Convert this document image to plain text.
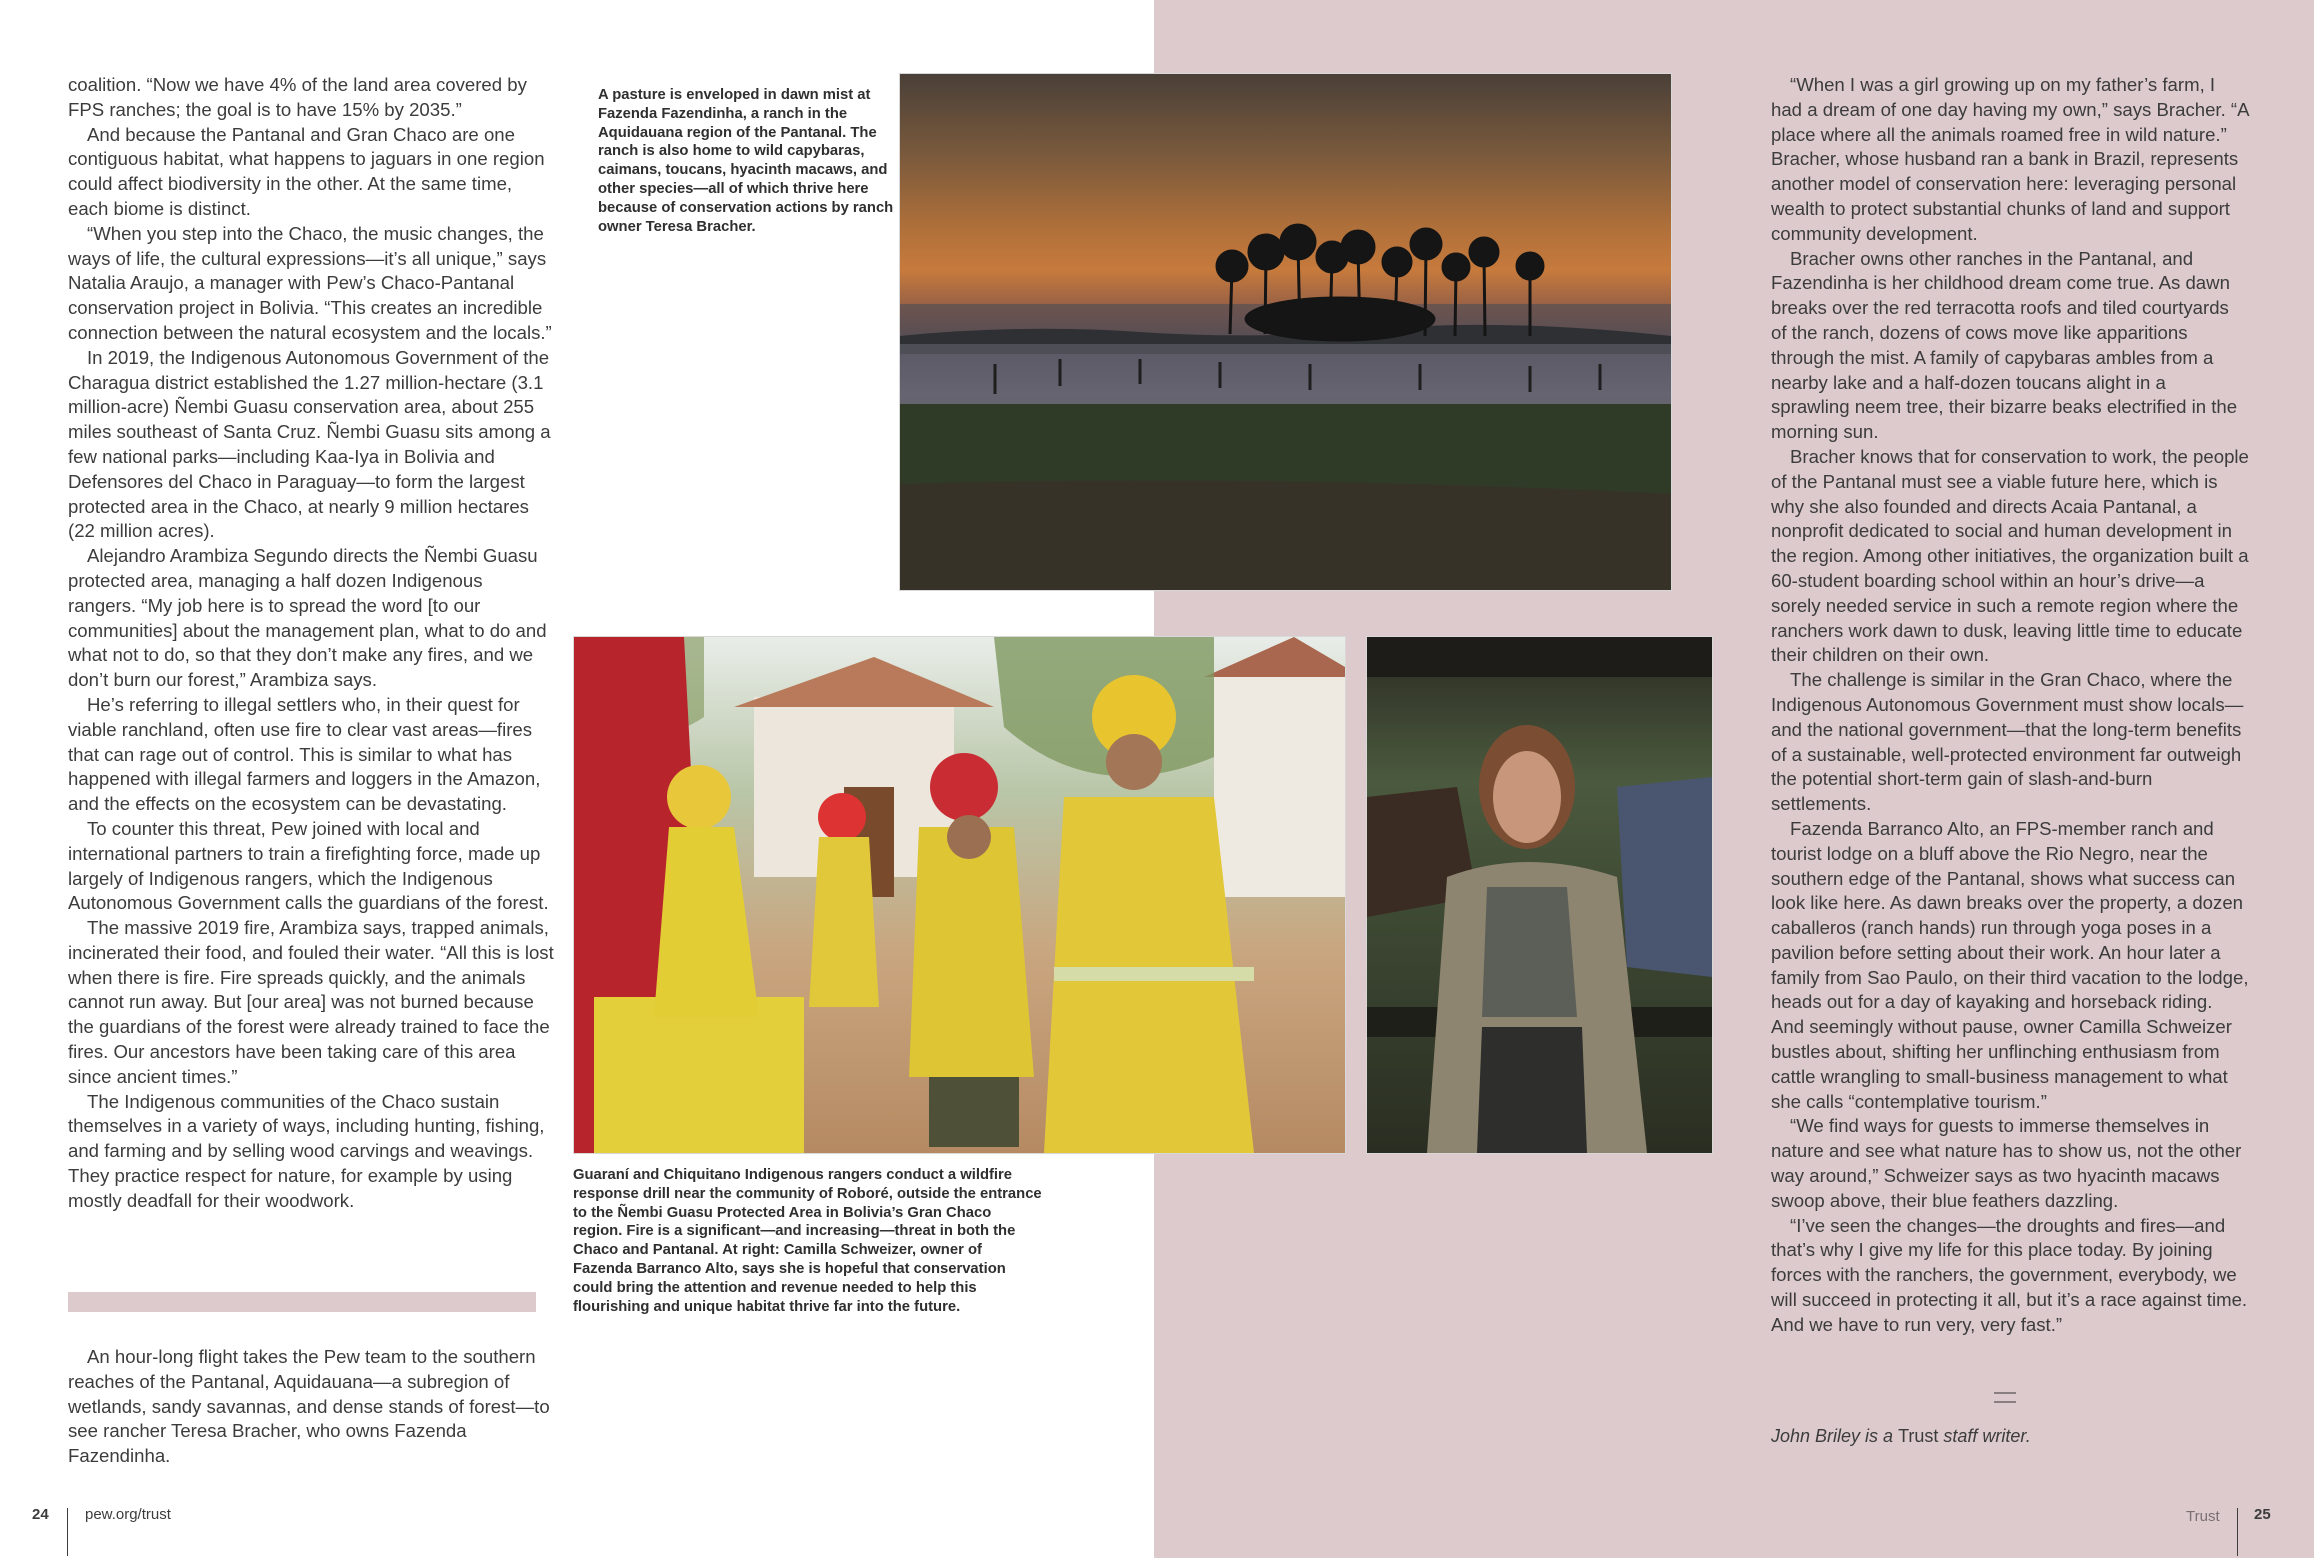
coalition. “Now we have 4% of the land area covered by FPS ranches; the goal is to have 15% by 2035.”

And because the Pantanal and Gran Chaco are one contiguous habitat, what happens to jaguars in one region could affect biodiversity in the other. At the same time, each biome is distinct.

“When you step into the Chaco, the music changes, the ways of life, the cultural expressions—it’s all unique,” says Natalia Araujo, a manager with Pew’s Chaco-Pantanal conservation project in Bolivia. “This creates an incredible connection between the natural ecosystem and the locals.”

In 2019, the Indigenous Autonomous Government of the Charagua district established the 1.27 million-hectare (3.1 million-acre) Ñembi Guasu conservation area, about 255 miles southeast of Santa Cruz. Ñembi Guasu sits among a few national parks—including Kaa-Iya in Bolivia and Defensores del Chaco in Paraguay—to form the largest protected area in the Chaco, at nearly 9 million hectares (22 million acres).

Alejandro Arambiza Segundo directs the Ñembi Guasu protected area, managing a half dozen Indigenous rangers. “My job here is to spread the word [to our communities] about the management plan, what to do and what not to do, so that they don’t make any fires, and we don’t burn our forest,” Arambiza says.

He’s referring to illegal settlers who, in their quest for viable ranchland, often use fire to clear vast areas—fires that can rage out of control. This is similar to what has happened with illegal farmers and loggers in the Amazon, and the effects on the ecosystem can be devastating.

To counter this threat, Pew joined with local and international partners to train a firefighting force, made up largely of Indigenous rangers, which the Indigenous Autonomous Government calls the guardians of the forest.

The massive 2019 fire, Arambiza says, trapped animals, incinerated their food, and fouled their water. “All this is lost when there is fire. Fire spreads quickly, and the animals cannot run away. But [our area] was not burned because the guardians of the forest were already trained to face the fires. Our ancestors have been taking care of this area since ancient times.”

The Indigenous communities of the Chaco sustain themselves in a variety of ways, including hunting, fishing, and farming and by selling wood carvings and weavings. They practice respect for nature, for example by using mostly deadfall for their woodwork.

An hour-long flight takes the Pew team to the southern reaches of the Pantanal, Aquidauana—a subregion of wetlands, sandy savannas, and dense stands of forest—to see rancher Teresa Bracher, who owns Fazenda Fazendinha.

A pasture is enveloped in dawn mist at Fazenda Fazendinha, a ranch in the Aquidauana region of the Pantanal. The ranch is also home to wild capybaras, caimans, toucans, hyacinth macaws, and other species—all of which thrive here because of conservation actions by ranch owner Teresa Bracher.
Guaraní and Chiquitano Indigenous rangers conduct a wildfire response drill near the community of Roboré, outside the entrance to the Ñembi Guasu Protected Area in Bolivia’s Gran Chaco region. Fire is a significant—and increasing—threat in both the Chaco and Pantanal. At right: Camilla Schweizer, owner of Fazenda Barranco Alto, says she is hopeful that conservation could bring the attention and revenue needed to help this flourishing and unique habitat thrive far into the future.

“When I was a girl growing up on my father’s farm, I had a dream of one day having my own,” says Bracher. “A place where all the animals roamed free in wild nature.” Bracher, whose husband ran a bank in Brazil, represents another model of conservation here: leveraging personal wealth to protect substantial chunks of land and support community development.

Bracher owns other ranches in the Pantanal, and Fazendinha is her childhood dream come true. As dawn breaks over the red terracotta roofs and tiled courtyards of the ranch, dozens of cows move like apparitions through the mist. A family of capybaras ambles from a nearby lake and a half-dozen toucans alight in a sprawling neem tree, their bizarre beaks electrified in the morning sun.

Bracher knows that for conservation to work, the people of the Pantanal must see a viable future here, which is why she also founded and directs Acaia Pantanal, a nonprofit dedicated to social and human development in the region. Among other initiatives, the organization built a 60-student boarding school within an hour’s drive—a sorely needed service in such a remote region where the ranchers work dawn to dusk, leaving little time to educate their children on their own.

The challenge is similar in the Gran Chaco, where the Indigenous Autonomous Government must show locals—and the national government—that the long-term benefits of a sustainable, well-protected environment far outweigh the potential short-term gain of slash-and-burn settlements.

Fazenda Barranco Alto, an FPS-member ranch and tourist lodge on a bluff above the Rio Negro, near the southern edge of the Pantanal, shows what success can look like here. As dawn breaks over the property, a dozen caballeros (ranch hands) run through yoga poses in a pavilion before setting about their work. An hour later a family from Sao Paulo, on their third vacation to the lodge, heads out for a day of kayaking and horseback riding. And seemingly without pause, owner Camilla Schweizer bustles about, shifting her unflinching enthusiasm from cattle wrangling to small-business management to what she calls “contemplative tourism.”

“We find ways for guests to immerse themselves in nature and see what nature has to show us, not the other way around,” Schweizer says as two hyacinth macaws swoop above, their blue feathers dazzling.

“I’ve seen the changes—the droughts and fires—and that’s why I give my life for this place today. By joining forces with the ranchers, the government, everybody, we will succeed in protecting it all, but it’s a race against time. And we have to run very, very fast.”

John Briley is a Trust staff writer.
24 pew.org/trust	Trust 25
